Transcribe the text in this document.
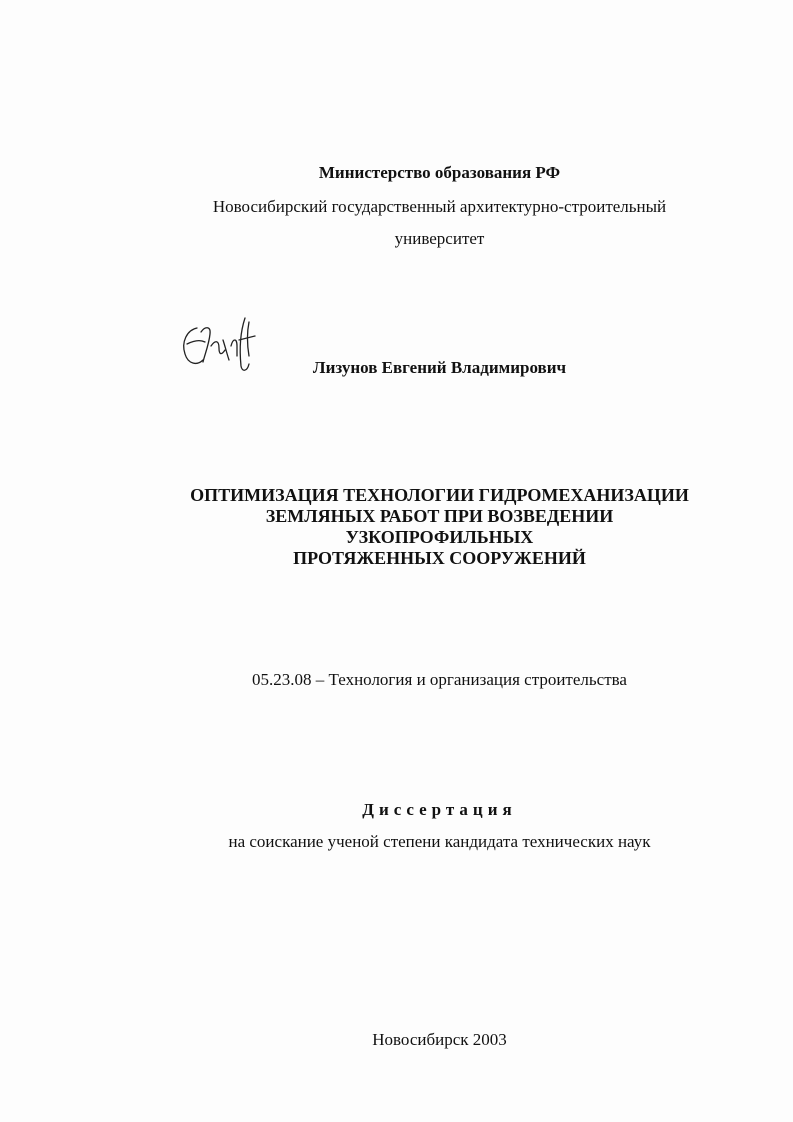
Министерство образования РФ
Новосибирский государственный архитектурно-строительный
университет
Лизунов Евгений Владимирович
ОПТИМИЗАЦИЯ ТЕХНОЛОГИИ ГИДРОМЕХАНИЗАЦИИ
ЗЕМЛЯНЫХ РАБОТ ПРИ ВОЗВЕДЕНИИ
УЗКОПРОФИЛЬНЫХ
ПРОТЯЖЕННЫХ СООРУЖЕНИЙ
05.23.08 – Технология и организация строительства
Диссертация
на соискание ученой степени кандидата технических наук
Новосибирск 2003
